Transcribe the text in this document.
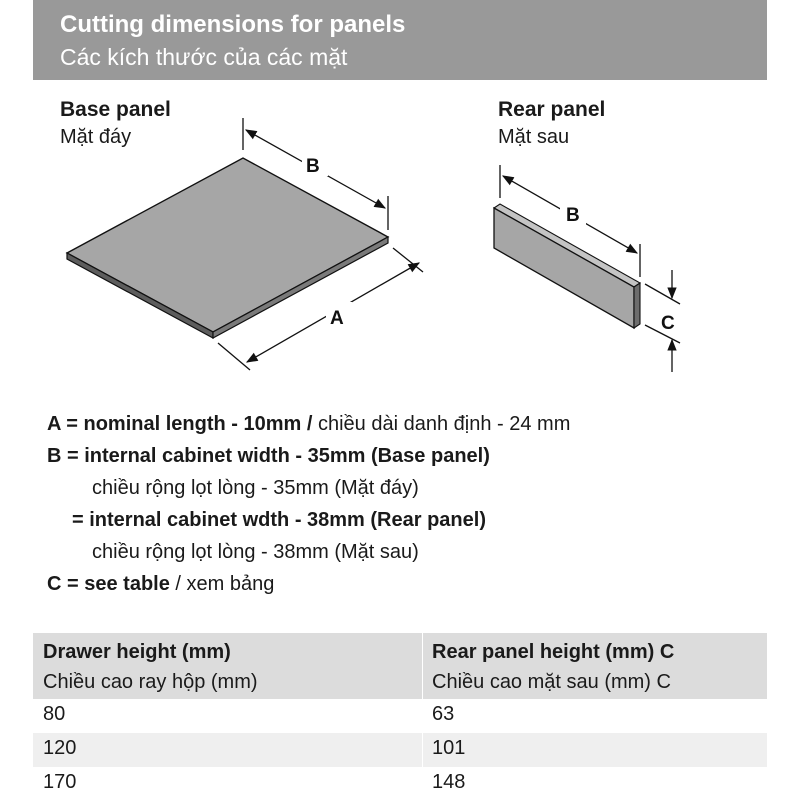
Cutting dimensions for panels
Các kích thước của các mặt
Base panel
Mặt đáy
Rear panel
Mặt sau
B
A
B
C
A = nominal length - 10mm / chiều dài danh định - 24 mm
B = internal cabinet width - 35mm (Base panel)
chiều rộng lọt lòng - 35mm (Mặt đáy)
= internal cabinet wdth - 38mm (Rear panel)
chiều rộng lọt lòng - 38mm (Mặt sau)
C = see table / xem bảng
Drawer height (mm)
Chiều cao ray hộp (mm)
Rear panel height (mm) C
Chiều cao mặt sau (mm) C
80	63
120	101
170	148
